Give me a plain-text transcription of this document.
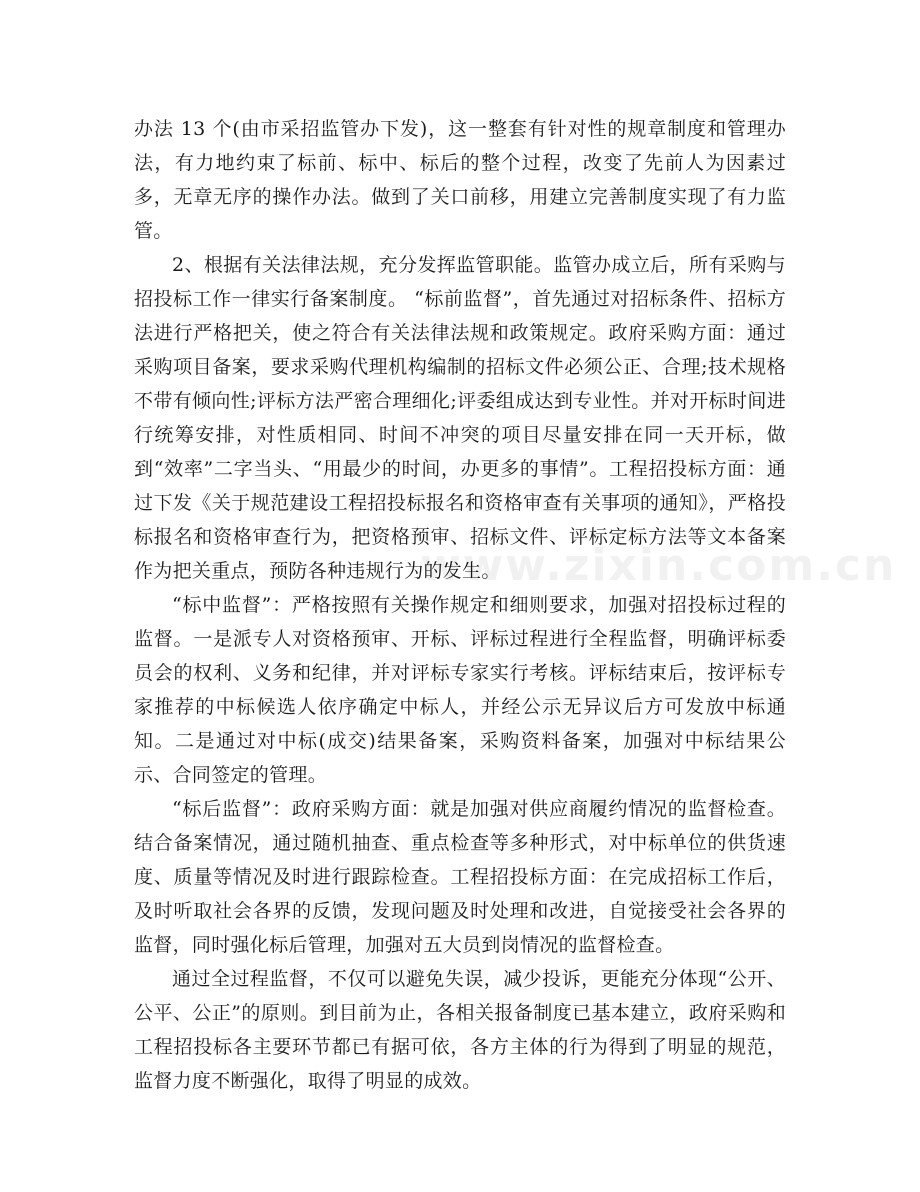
办法 13 个(由市采招监管办下发)，这一整套有针对性的规章制度和管理办法，有力地约束了标前、标中、标后的整个过程，改变了先前人为因素过多，无章无序的操作办法。做到了关口前移，用建立完善制度实现了有力监管。

2、根据有关法律法规，充分发挥监管职能。监管办成立后，所有采购与招投标工作一律实行备案制度。 “标前监督”，首先通过对招标条件、招标方法进行严格把关，使之符合有关法律法规和政策规定。政府采购方面：通过采购项目备案，要求采购代理机构编制的招标文件必须公正、合理;技术规格不带有倾向性;评标方法严密合理细化;评委组成达到专业性。并对开标时间进行统筹安排，对性质相同、时间不冲突的项目尽量安排在同一天开标，做到“效率”二字当头、“用最少的时间，办更多的事情”。工程招投标方面：通过下发《关于规范建设工程招投标报名和资格审查有关事项的通知》，严格投标报名和资格审查行为，把资格预审、招标文件、评标定标方法等文本备案作为把关重点，预防各种违规行为的发生。

“标中监督”：严格按照有关操作规定和细则要求，加强对招投标过程的监督。一是派专人对资格预审、开标、评标过程进行全程监督，明确评标委员会的权利、义务和纪律，并对评标专家实行考核。评标结束后，按评标专家推荐的中标候选人依序确定中标人，并经公示无异议后方可发放中标通知。二是通过对中标(成交)结果备案，采购资料备案，加强对中标结果公示、合同签定的管理。

“标后监督”：政府采购方面：就是加强对供应商履约情况的监督检查。结合备案情况，通过随机抽查、重点检查等多种形式，对中标单位的供货速度、质量等情况及时进行跟踪检查。工程招投标方面：在完成招标工作后，及时听取社会各界的反馈，发现问题及时处理和改进，自觉接受社会各界的监督，同时强化标后管理，加强对五大员到岗情况的监督检查。

通过全过程监督，不仅可以避免失误，减少投诉，更能充分体现“公开、公平、公正”的原则。到目前为止，各相关报备制度已基本建立，政府采购和工程招投标各主要环节都已有据可依，各方主体的行为得到了明显的规范，监督力度不断强化，取得了明显的成效。

www.zixin.com.cn
